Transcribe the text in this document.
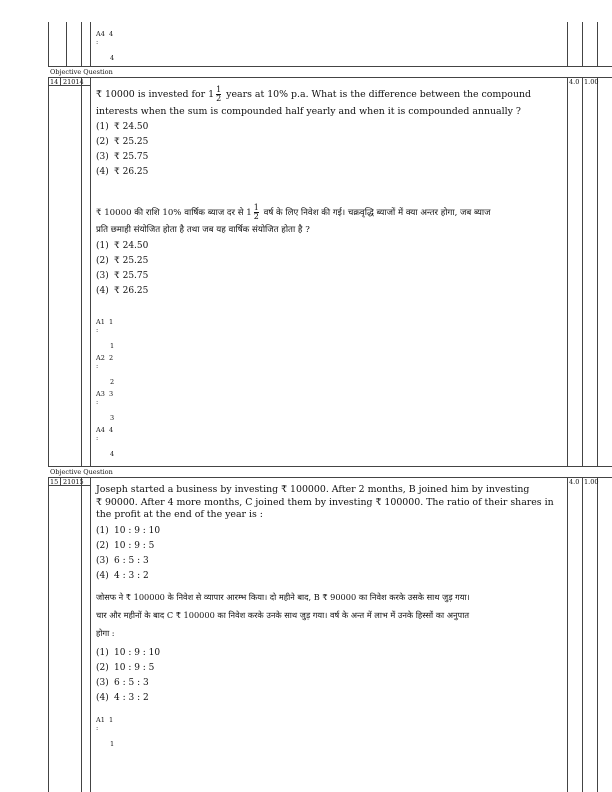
A4 4
:

4
Objective Question
14 21014	4.0 1.00
₹ 10000 is invested for $1 \frac{1}{2}$ years at 10% p.a. What is the difference between the compound
interests when the sum is compounded half yearly and when it is compounded annually ?
(1) ₹ 24.50
(2) ₹ 25.25
(3) ₹ 25.75
(4) ₹ 26.25
₹ 10000 की राशि 10% वार्षिक ब्याज दर से $1 \frac{1}{2}$ वर्ष के लिए निवेश की गई। चक्रवृद्धि ब्याजों में क्या अन्तर होगा, जब ब्याज
प्रति छमाही संयोजित होता है तथा जब यह वार्षिक संयोजित होता है ?
(1) ₹ 24.50
(2) ₹ 25.25
(3) ₹ 25.75
(4) ₹ 26.25
A1 1
:

1
A2 2
:

2
A3 3
:

3
A4 4
:

4
Objective Question
15 21015	4.0 1.00
Joseph started a business by investing ₹ 100000. After 2 months, B joined him by investing
₹ 90000. After 4 more months, C joined them by investing ₹ 100000. The ratio of their shares in
the profit at the end of the year is :
(1) 10 : 9 : 10
(2) 10 : 9 : 5
(3) 6 : 5 : 3
(4) 4 : 3 : 2
जोसफ ने ₹ 100000 के निवेश से व्यापार आरम्भ किया। दो महीने बाद, B ₹ 90000 का निवेश करके उसके साथ जुड़ गया।
चार और महीनों के बाद C ₹ 100000 का निवेश करके उनके साथ जुड़ गया। वर्ष के अन्त में लाभ में उनके हिस्सों का अनुपात
होगा :
(1) 10 : 9 : 10
(2) 10 : 9 : 5
(3) 6 : 5 : 3
(4) 4 : 3 : 2
A1 1
:

1
